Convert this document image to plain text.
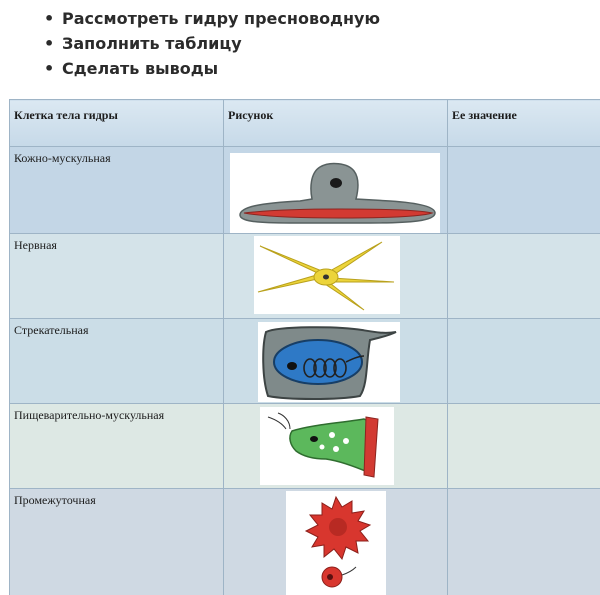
• Рассмотреть гидру пресноводную
• Заполнить таблицу
• Сделать выводы
Клетка тела гидры	Рисунок	Ее значение
Кожно-мускульная	

Нервная	

Стрекательная	

Пищеварительно-мускульная	

Промежуточная	
